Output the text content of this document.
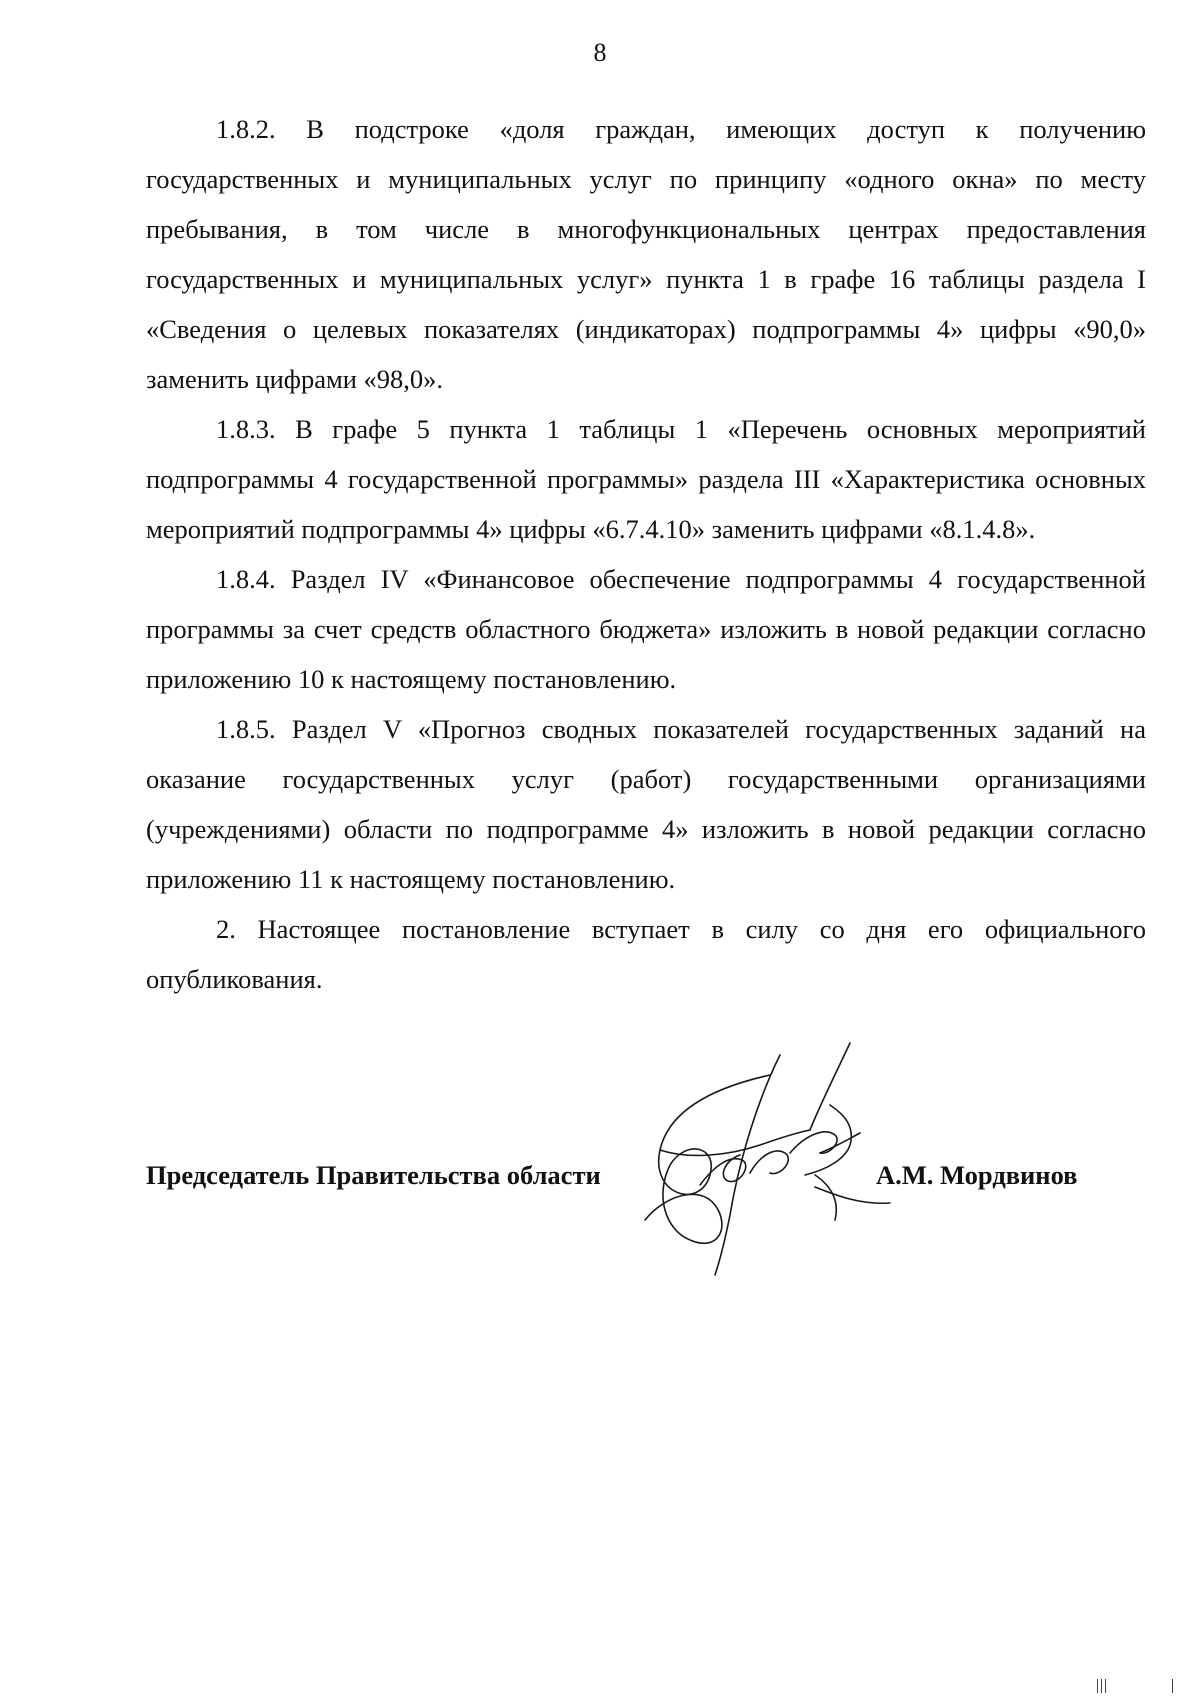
8

1.8.2. В подстроке «доля граждан, имеющих доступ к получению государственных и муниципальных услуг по принципу «одного окна» по месту пребывания, в том числе в многофункциональных центрах предоставления государственных и муниципальных услуг» пункта 1 в графе 16 таблицы раздела I «Сведения о целевых показателях (индикаторах) подпрограммы 4» цифры «90,0» заменить цифрами «98,0».

1.8.3. В графе 5 пункта 1 таблицы 1 «Перечень основных мероприятий подпрограммы 4 государственной программы» раздела III «Характеристика основных мероприятий подпрограммы 4» цифры «6.7.4.10» заменить цифрами «8.1.4.8».

1.8.4. Раздел IV «Финансовое обеспечение подпрограммы 4 государственной программы за счет средств областного бюджета» изложить в новой редакции согласно приложению 10 к настоящему постановлению.

1.8.5. Раздел V «Прогноз сводных показателей государственных заданий на оказание государственных услуг (работ) государственными организациями (учреждениями) области по подпрограмме 4» изложить в новой редакции согласно приложению 11 к настоящему постановлению.

2. Настоящее постановление вступает в силу со дня его официального опубликования.

Председатель Правительства области	А.М. Мордвинов
